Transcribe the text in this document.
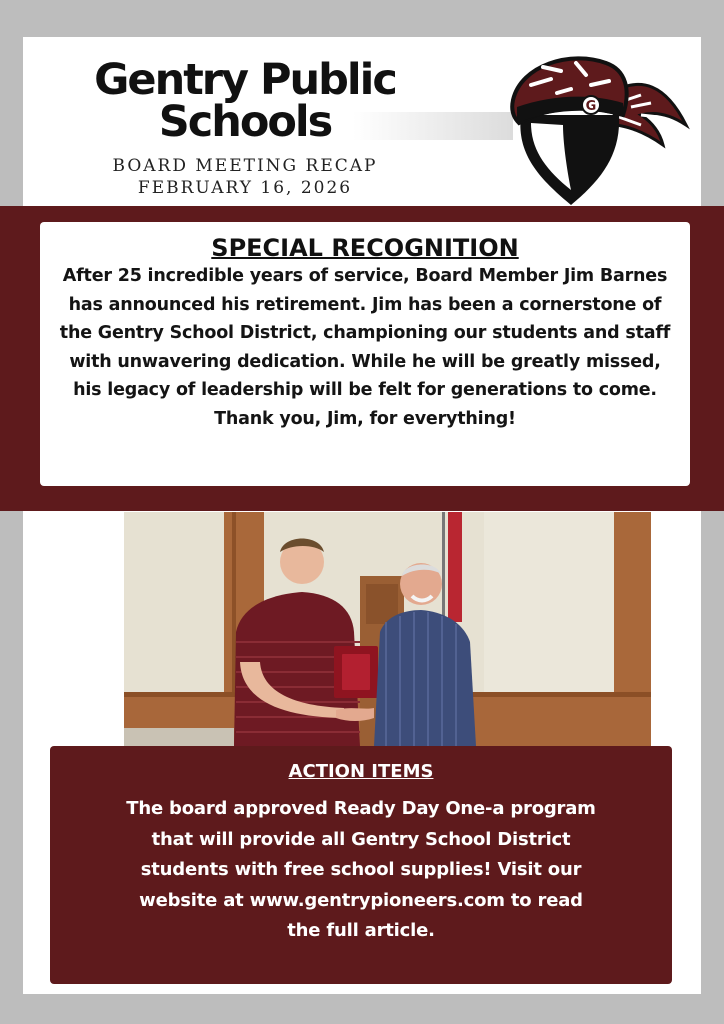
Gentry Public
Schools
BOARD MEETING RECAP
FEBRUARY 16, 2026
G
SPECIAL RECOGNITION
After 25 incredible years of service, Board Member Jim Barnes has announced his retirement. Jim has been a cornerstone of the Gentry School District, championing our students and staff with unwavering dedication. While he will be greatly missed, his legacy of leadership will be felt for generations to come. Thank you, Jim, for everything!
ACTION ITEMS
The board approved Ready Day One-a program that will provide all Gentry School District students with free school supplies! Visit our website at www.gentrypioneers.com to read the full article.
